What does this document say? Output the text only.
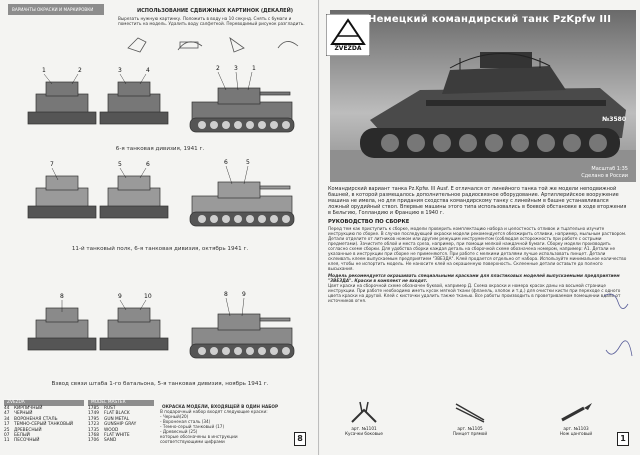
ВАРИАНТЫ ОКРАСКИ И МАРКИРОВКИ	ИСПОЛЬЗОВАНИЕ СДВИЖНЫХ КАРТИНОК (ДЕКАЛЕЙ)
Вырезать нужную картинку. Положить в воду на 10 секунд. Снять с бумаги и поместить на модель. Удалить воду салфеткой. Переводимый рисунок разгладить.
1	2	3	4	2 3 1
6-я танковая дивизия, 1941 г.
7	5	6	6	5
11-й танковый полк, 6-я танковая дивизия, октябрь 1941 г.
8	9	10	8 9
Взвод связи штаба 1-го батальона, 5-я танковая дивизия, ноябрь 1941 г.
ZVEZDA
44 КИРПИЧНЫЙ
47 ЧЕРНЫЙ
34 ВОРОНЕНАЯ СТАЛЬ
17 ТЕМНО-СЕРЫЙ ТАНКОВЫЙ
25 ДРЕВЕСНЫЙ
07 БЕЛЫЙ
11 ПЕСОЧНЫЙ
MODEL MASTER
1785 RUST
1749 FLAT BLACK
1795 GUN METAL
1723 GUNSHIP GRAY
1735 WOOD
1768 FLAT WHITE
1706 SAND
ОКРАСКА МОДЕЛИ, ВХОДЯЩЕЙ В ОДИН НАБОР
В подарочный набор входят следующие краски:
- Черный(20)
- Вороненая сталь (34)
- Темно-серый танковый (17)
- Древесный (25)
которые обозначены в инструкции соответствующими цифрами	8
Масштаб 1:35
Сделано в России
№3580
ZVEZDA
Немецкий командирский танк PzKpfw III
Командирский вариант танка Pz.Kpfw. III Ausf. E отличался от линейного танка той же модели неподвижной башней, в которой размещалось дополнительное радиосвязное оборудование. Артиллерийское вооружение машина не имела, но для придания сходства командирскому танку с линейным в башне устанавливался ложный орудийный ствол. Впервые машины этого типа использовались в боевой обстановке в ходе вторжения в Бельгию, Голландию и Францию в 1940 г.
РУКОВОДСТВО ПО СБОРКЕ
Перед тем как приступить к сборке, модели проверить комплектацию набора и целостность отливок и тщательно изучите инструкцию по сборке. В случае последующей окраски модели рекомендуется обезжирить отливки, например, мыльным раствором. Детали отделите от литников ножом или другим режущим инструментом (соблюдая осторожность при работе с острыми предметами). Зачистите облой и места среза, например, при помощи мелкой наждачной бумаги. Сборку модели производить согласно схеме сборки. Для удобства сборки каждая деталь на сборочной схеме обозначена номером, например: A1. Детали не указанные в инструкции при сборке не применяются. При работе с мелкими деталями лучше использовать пинцет. Детали склеивать клеем выпускаемым предприятием "ЗВЕЗДА". Клей продается отдельно от набора. Используйте минимальное количество клея, чтобы не испортить модель. Не наносите клей на окрашенную поверхность. Склеенные детали оставьте до полного высыхания.
Модель рекомендуется окрашивать специальными красками для пластиковых моделей выпускаемыми предприятием "ЗВЕЗДА". Краски в комплект не входят.
Цвет краски на сборочной схеме обозначен буквой, например Д. Схема окраски и номера красок даны на восьмой странице инструкции. При работе необходимо иметь кусок мягкой ткани (фланель, хлопок и т.д.) для очистки кисти при переходе с одного цвета краски на другой. Клей с кисточки удалить также тканью. Все работы производить в проветриваемом помещении вдали от источников огня.
арт. №1101
Кусачки боковые
арт. №1105
Пинцет прямой
арт. №1103
Нож цанговый
1
